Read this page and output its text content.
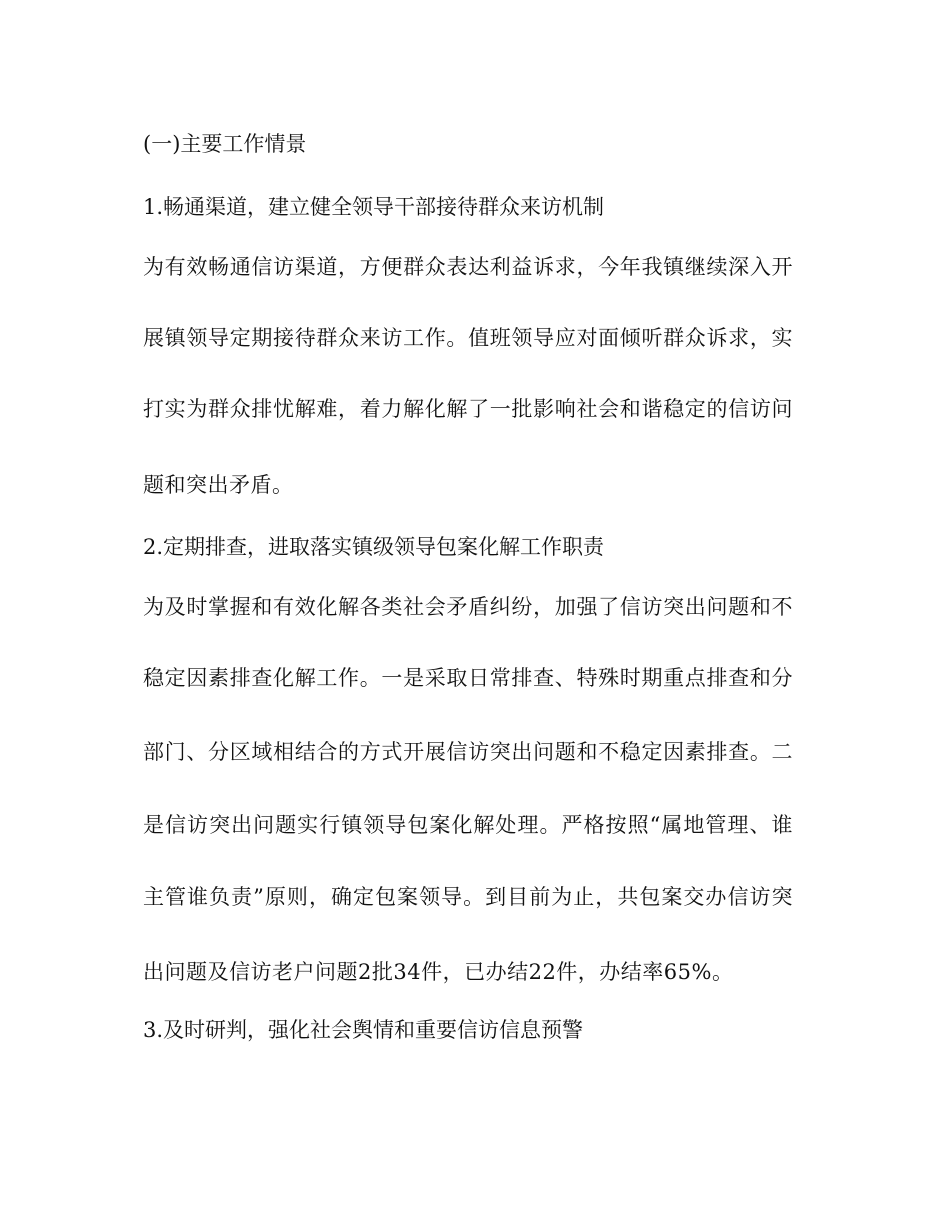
(一)主要工作情景
1.畅通渠道，建立健全领导干部接待群众来访机制
为有效畅通信访渠道，方便群众表达利益诉求，今年我镇继续深入开
展镇领导定期接待群众来访工作。值班领导应对面倾听群众诉求，实
打实为群众排忧解难，着力解化解了一批影响社会和谐稳定的信访问
题和突出矛盾。
2.定期排查，进取落实镇级领导包案化解工作职责
为及时掌握和有效化解各类社会矛盾纠纷，加强了信访突出问题和不
稳定因素排查化解工作。一是采取日常排查、特殊时期重点排查和分
部门、分区域相结合的方式开展信访突出问题和不稳定因素排查。二
是信访突出问题实行镇领导包案化解处理。严格按照“属地管理、谁
主管谁负责”原则，确定包案领导。到目前为止，共包案交办信访突
出问题及信访老户问题2批34件，已办结22件，办结率65%。
3.及时研判，强化社会舆情和重要信访信息预警
